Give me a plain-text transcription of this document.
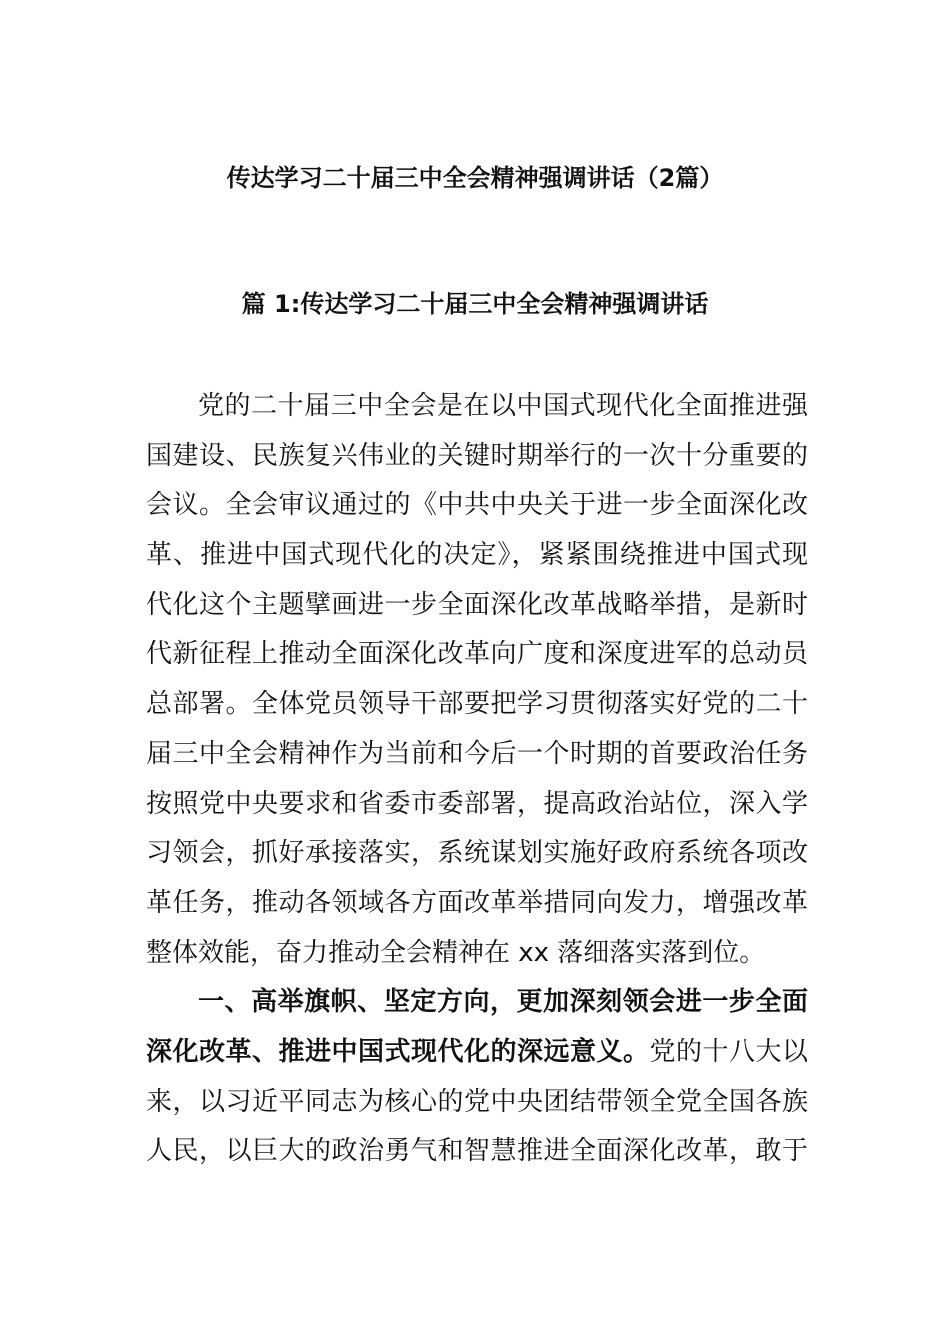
传达学习二十届三中全会精神强调讲话（2篇）
篇 1:传达学习二十届三中全会精神强调讲话
党的二十届三中全会是在以中国式现代化全面推进强
国建设、民族复兴伟业的关键时期举行的一次十分重要的
会议。全会审议通过的《中共中央关于进一步全面深化改
革、推进中国式现代化的决定》，紧紧围绕推进中国式现
代化这个主题擘画进一步全面深化改革战略举措，是新时
代新征程上推动全面深化改革向广度和深度进军的总动员
总部署。全体党员领导干部要把学习贯彻落实好党的二十
届三中全会精神作为当前和今后一个时期的首要政治任务
按照党中央要求和省委市委部署，提高政治站位，深入学
习领会，抓好承接落实，系统谋划实施好政府系统各项改
革任务，推动各领域各方面改革举措同向发力，增强改革
整体效能，奋力推动全会精神在 xx 落细落实落到位。
一、高举旗帜、坚定方向，更加深刻领会进一步全面
深化改革、推进中国式现代化的深远意义。党的十八大以
来，以习近平同志为核心的党中央团结带领全党全国各族
人民，以巨大的政治勇气和智慧推进全面深化改革，敢于
